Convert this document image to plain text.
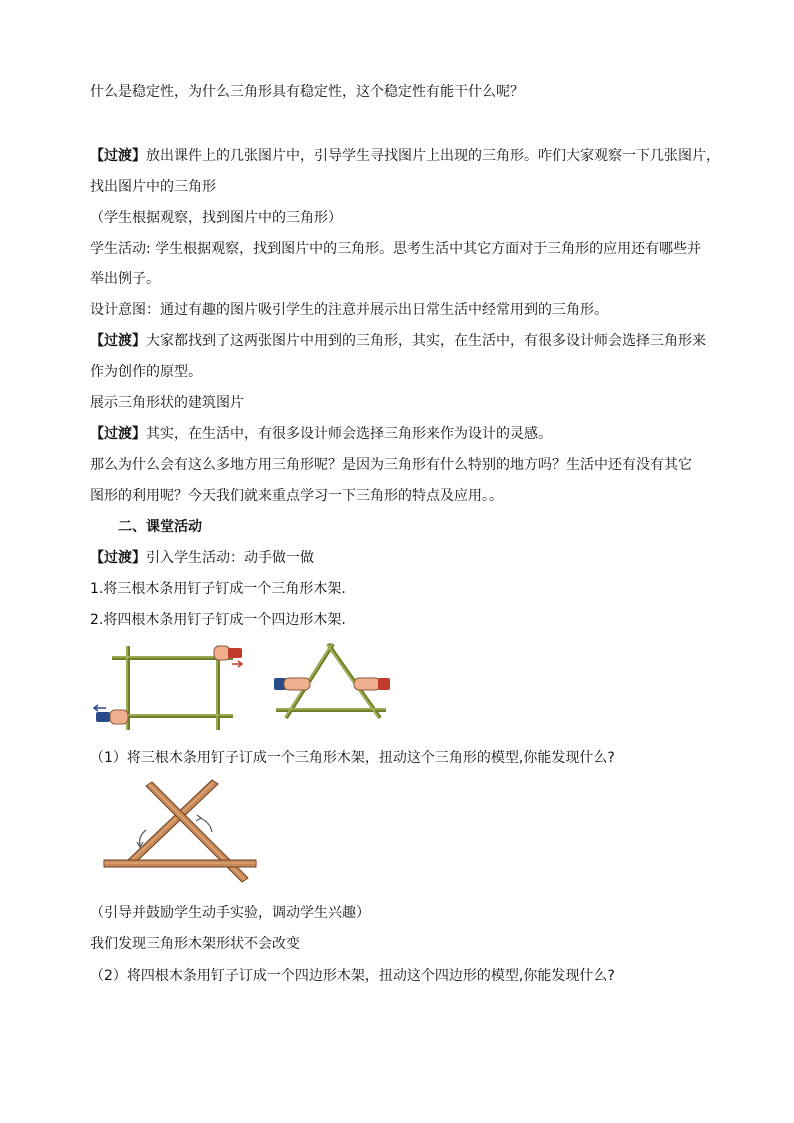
什么是稳定性，为什么三角形具有稳定性，这个稳定性有能干什么呢？
【过渡】放出课件上的几张图片中，引导学生寻找图片上出现的三角形。咋们大家观察一下几张图片，
找出图片中的三角形
（学生根据观察，找到图片中的三角形）
学生活动: 学生根据观察，找到图片中的三角形。思考生活中其它方面对于三角形的应用还有哪些并
举出例子。
设计意图：通过有趣的图片吸引学生的注意并展示出日常生活中经常用到的三角形。
【过渡】大家都找到了这两张图片中用到的三角形，其实，在生活中，有很多设计师会选择三角形来
作为创作的原型。
展示三角形状的建筑图片
【过渡】其实，在生活中，有很多设计师会选择三角形来作为设计的灵感。
那么为什么会有这么多地方用三角形呢？是因为三角形有什么特别的地方吗？生活中还有没有其它
图形的利用呢？今天我们就来重点学习一下三角形的特点及应用。。
二、课堂活动
【过渡】引入学生活动：动手做一做
1.将三根木条用钉子钉成一个三角形木架.
2.将四根木条用钉子钉成一个四边形木架.
（1）将三根木条用钉子订成一个三角形木架，扭动这个三角形的模型,你能发现什么?
（引导并鼓励学生动手实验，调动学生兴趣）
我们发现三角形木架形状不会改变
（2）将四根木条用钉子订成一个四边形木架，扭动这个四边形的模型,你能发现什么?
